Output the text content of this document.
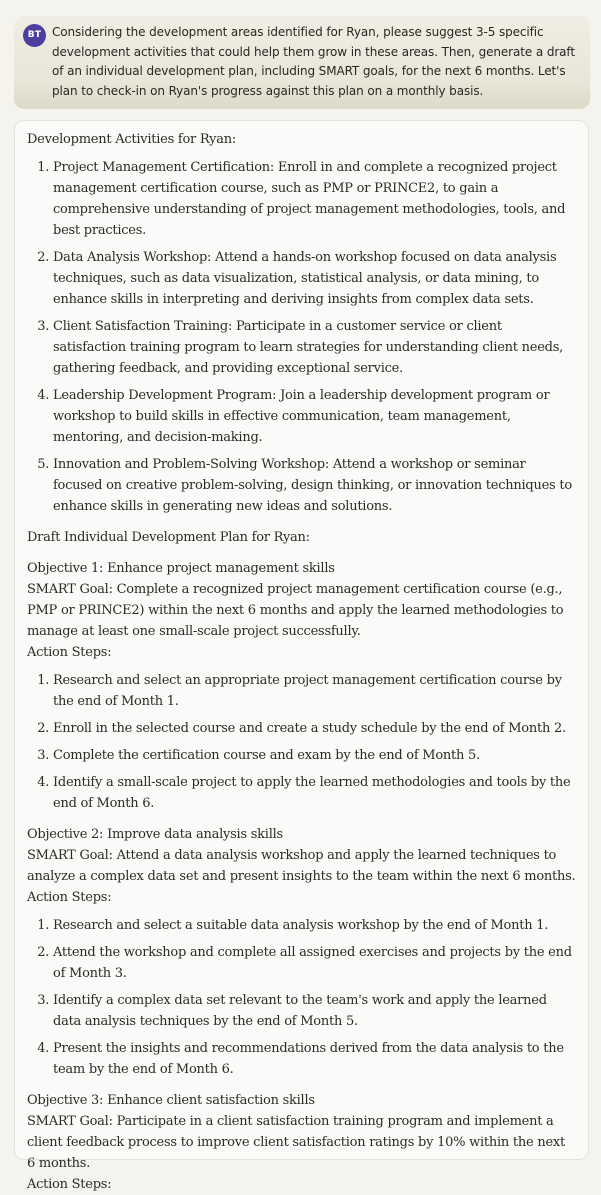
BT Considering the development areas identified for Ryan, please suggest 3-5 specific development activities that could help them grow in these areas. Then, generate a draft of an individual development plan, including SMART goals, for the next 6 months. Let's plan to check-in on Ryan's progress against this plan on a monthly basis.

Development Activities for Ryan:

1. Project Management Certification: Enroll in and complete a recognized project management certification course, such as PMP or PRINCE2, to gain a comprehensive understanding of project management methodologies, tools, and best practices.
2. Data Analysis Workshop: Attend a hands-on workshop focused on data analysis techniques, such as data visualization, statistical analysis, or data mining, to enhance skills in interpreting and deriving insights from complex data sets.
3. Client Satisfaction Training: Participate in a customer service or client satisfaction training program to learn strategies for understanding client needs, gathering feedback, and providing exceptional service.
4. Leadership Development Program: Join a leadership development program or workshop to build skills in effective communication, team management, mentoring, and decision-making.
5. Innovation and Problem-Solving Workshop: Attend a workshop or seminar focused on creative problem-solving, design thinking, or innovation techniques to enhance skills in generating new ideas and solutions.

Draft Individual Development Plan for Ryan:

Objective 1: Enhance project management skills

SMART Goal: Complete a recognized project management certification course (e.g., PMP or PRINCE2) within the next 6 months and apply the learned methodologies to manage at least one small-scale project successfully.

Action Steps:

1. Research and select an appropriate project management certification course by the end of Month 1.
2. Enroll in the selected course and create a study schedule by the end of Month 2.
3. Complete the certification course and exam by the end of Month 5.
4. Identify a small-scale project to apply the learned methodologies and tools by the end of Month 6.

Objective 2: Improve data analysis skills

SMART Goal: Attend a data analysis workshop and apply the learned techniques to analyze a complex data set and present insights to the team within the next 6 months.

Action Steps:

1. Research and select a suitable data analysis workshop by the end of Month 1.
2. Attend the workshop and complete all assigned exercises and projects by the end of Month 3.
3. Identify a complex data set relevant to the team's work and apply the learned data analysis techniques by the end of Month 5.
4. Present the insights and recommendations derived from the data analysis to the team by the end of Month 6.

Objective 3: Enhance client satisfaction skills

SMART Goal: Participate in a client satisfaction training program and implement a client feedback process to improve client satisfaction ratings by 10% within the next 6 months.

Action Steps:
